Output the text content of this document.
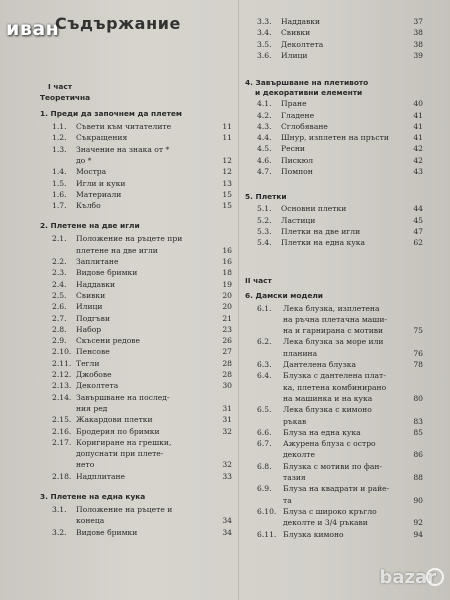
иван
Съдържание
I част
Теоретична
1. Преди да започнем да плетем
1.1. Съвети към читателите	11
1.2. Съкращения	11
1.3. Значение на знака от *
до *	12
1.4. Мостра	12
1.5. Игли и куки	13
1.6. Материали	15
1.7. Кълбо	15
2. Плетене на две игли
2.1. Положение на ръцете при
плетене на две игли	16
2.2. Заплитане	16
2.3. Видове бримки	18
2.4. Наддавки	19
2.5. Свивки	20
2.6. Илици	20
2.7. Подгъви	21
2.8. Набор	23
2.9. Скъсени редове	26
2.10. Пенсове	27
2.11. Тегли	28
2.12. Джобове	28
2.13. Деколтета	30
2.14. Завършване на послед-
ния ред	31
2.15. Жакардови плетки	31
2.16. Бродерия по бримки	32
2.17. Коригиране на грешки,
допуснати при плете-
нето	32
2.18. Надплитане	33
3. Плетене на една кука
3.1. Положение на ръцете и
конеца	34
3.2. Видове бримки	34
3.3. Наддавки	37
3.4. Свивки	38
3.5. Деколтета	38
3.6. Илици	39
4. Завършване на плетивото
и декоративни елементи
4.1. Пране	40
4.2. Гладене	41
4.3. Сглобяване	41
4.4. Шнур, изплетен на пръсти	41
4.5. Ресни	42
4.6. Пискюл	42
4.7. Помпон	43
5. Плетки
5.1. Основни плетки	44
5.2. Ластици	45
5.3. Плетки на две игли	47
5.4. Плетки на една кука	62
II част
6. Дамски модели
6.1. Лека блузка, изплетена
на ръчна плетачна маши-
на и гарнирана с мотиви	75
6.2. Лека блузка за море или
планина	76
6.3. Дантелена блузка	78
6.4. Блузка с дантелена плат-
ка, плетена комбинирано
на машинка и на кука	80
6.5. Лека блузка с кимоно
ръкав	83
6.6. Блуза на една кука	85
6.7. Ажурена блуза с остро
деколте	86
6.8. Блузка с мотиви по фан-
тазия	88
6.9. Блуза на квадрати и райе-
та	90
6.10. Блуза с широко кръгло
деколте и 3/4 ръкави	92
6.11. Блузка кимоно	94
bazar
